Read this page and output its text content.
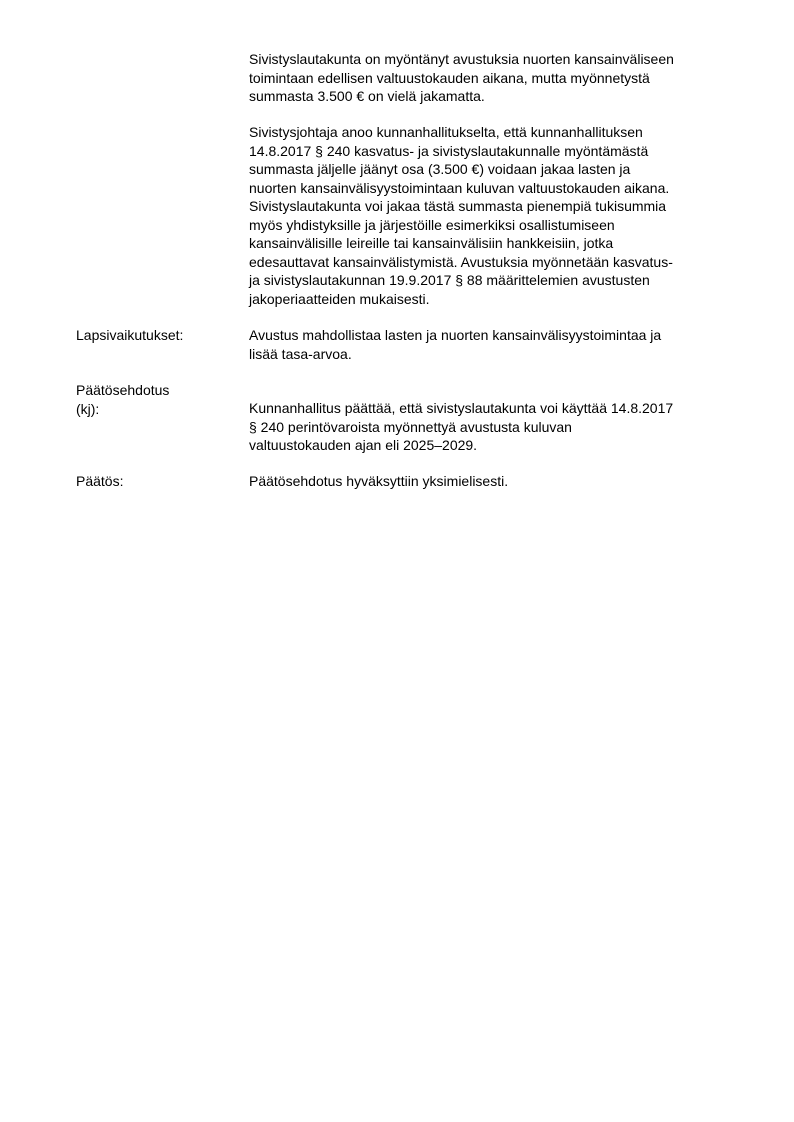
Sivistyslautakunta on myöntänyt avustuksia nuorten kansainväliseen
toimintaan edellisen valtuustokauden aikana, mutta myönnetystä
summasta 3.500 € on vielä jakamatta.

Sivistysjohtaja anoo kunnanhallitukselta, että kunnanhallituksen
14.8.2017 § 240 kasvatus- ja sivistyslautakunnalle myöntämästä
summasta jäljelle jäänyt osa (3.500 €) voidaan jakaa lasten ja
nuorten kansainvälisyystoimintaan kuluvan valtuustokauden aikana.
Sivistyslautakunta voi jakaa tästä summasta pienempiä tukisummia
myös yhdistyksille ja järjestöille esimerkiksi osallistumiseen
kansainvälisille leireille tai kansainvälisiin hankkeisiin, jotka
edesauttavat kansainvälistymistä. Avustuksia myönnetään kasvatus-
ja sivistyslautakunnan 19.9.2017 § 88 määrittelemien avustusten
jakoperiaatteiden mukaisesti.

Lapsivaikutukset:	Avustus mahdollistaa lasten ja nuorten kansainvälisyystoimintaa ja
lisää tasa-arvoa.

Päätösehdotus
(kj):	Kunnanhallitus päättää, että sivistyslautakunta voi käyttää 14.8.2017
§ 240 perintövaroista myönnettyä avustusta kuluvan
valtuustokauden ajan eli 2025–2029.

Päätös:	Päätösehdotus hyväksyttiin yksimielisesti.
